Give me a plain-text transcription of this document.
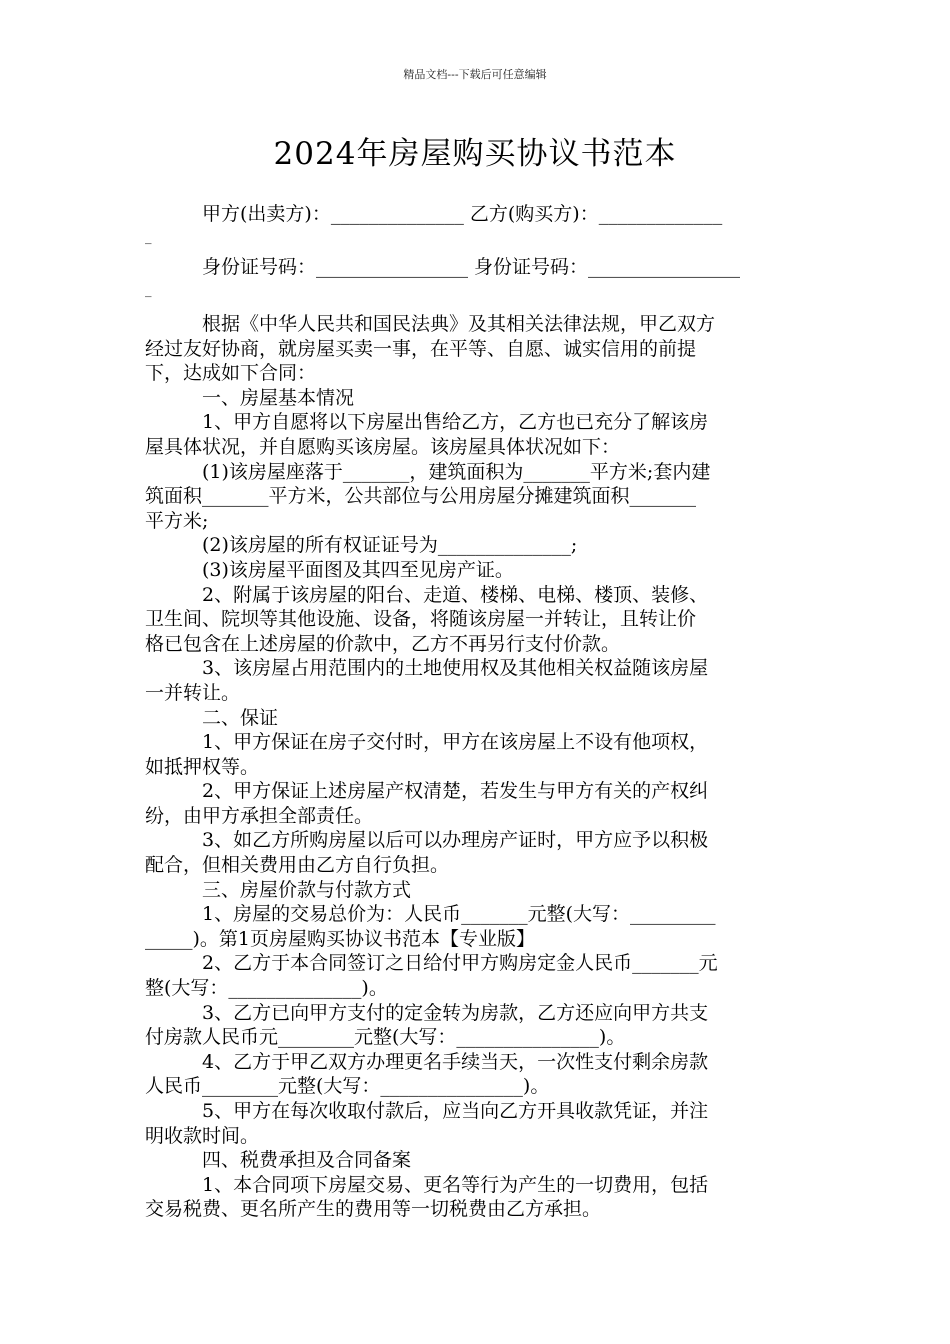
精品文档---下载后可任意编辑
2024年房屋购买协议书范本
甲方(出卖方)：______________ 乙方(购买方)：_____________
_
身份证号码：________________ 身份证号码：________________
_
根据《中华人民共和国民法典》及其相关法律法规，甲乙双方
经过友好协商，就房屋买卖一事，在平等、自愿、诚实信用的前提
下，达成如下合同：
一、房屋基本情况
1、甲方自愿将以下房屋出售给乙方，乙方也已充分了解该房
屋具体状况，并自愿购买该房屋。该房屋具体状况如下：
(1)该房屋座落于_______，建筑面积为_______平方米;套内建
筑面积_______平方米，公共部位与公用房屋分摊建筑面积_______
平方米;
(2)该房屋的所有权证证号为______________;
(3)该房屋平面图及其四至见房产证。
2、附属于该房屋的阳台、走道、楼梯、电梯、楼顶、装修、
卫生间、院坝等其他设施、设备，将随该房屋一并转让，且转让价
格已包含在上述房屋的价款中，乙方不再另行支付价款。
3、该房屋占用范围内的土地使用权及其他相关权益随该房屋
一并转让。
二、保证
1、甲方保证在房子交付时，甲方在该房屋上不设有他项权，
如抵押权等。
2、甲方保证上述房屋产权清楚，若发生与甲方有关的产权纠
纷，由甲方承担全部责任。
3、如乙方所购房屋以后可以办理房产证时，甲方应予以积极
配合，但相关费用由乙方自行负担。
三、房屋价款与付款方式
1、房屋的交易总价为：人民币_______元整(大写：_________
_____)。第1页房屋购买协议书范本【专业版】
2、乙方于本合同签订之日给付甲方购房定金人民币_______元
整(大写：______________)。
3、乙方已向甲方支付的定金转为房款，乙方还应向甲方共支
付房款人民币元________元整(大写：_______________)。
4、乙方于甲乙双方办理更名手续当天，一次性支付剩余房款
人民币________元整(大写：_______________)。
5、甲方在每次收取付款后，应当向乙方开具收款凭证，并注
明收款时间。
四、税费承担及合同备案
1、本合同项下房屋交易、更名等行为产生的一切费用，包括
交易税费、更名所产生的费用等一切税费由乙方承担。
